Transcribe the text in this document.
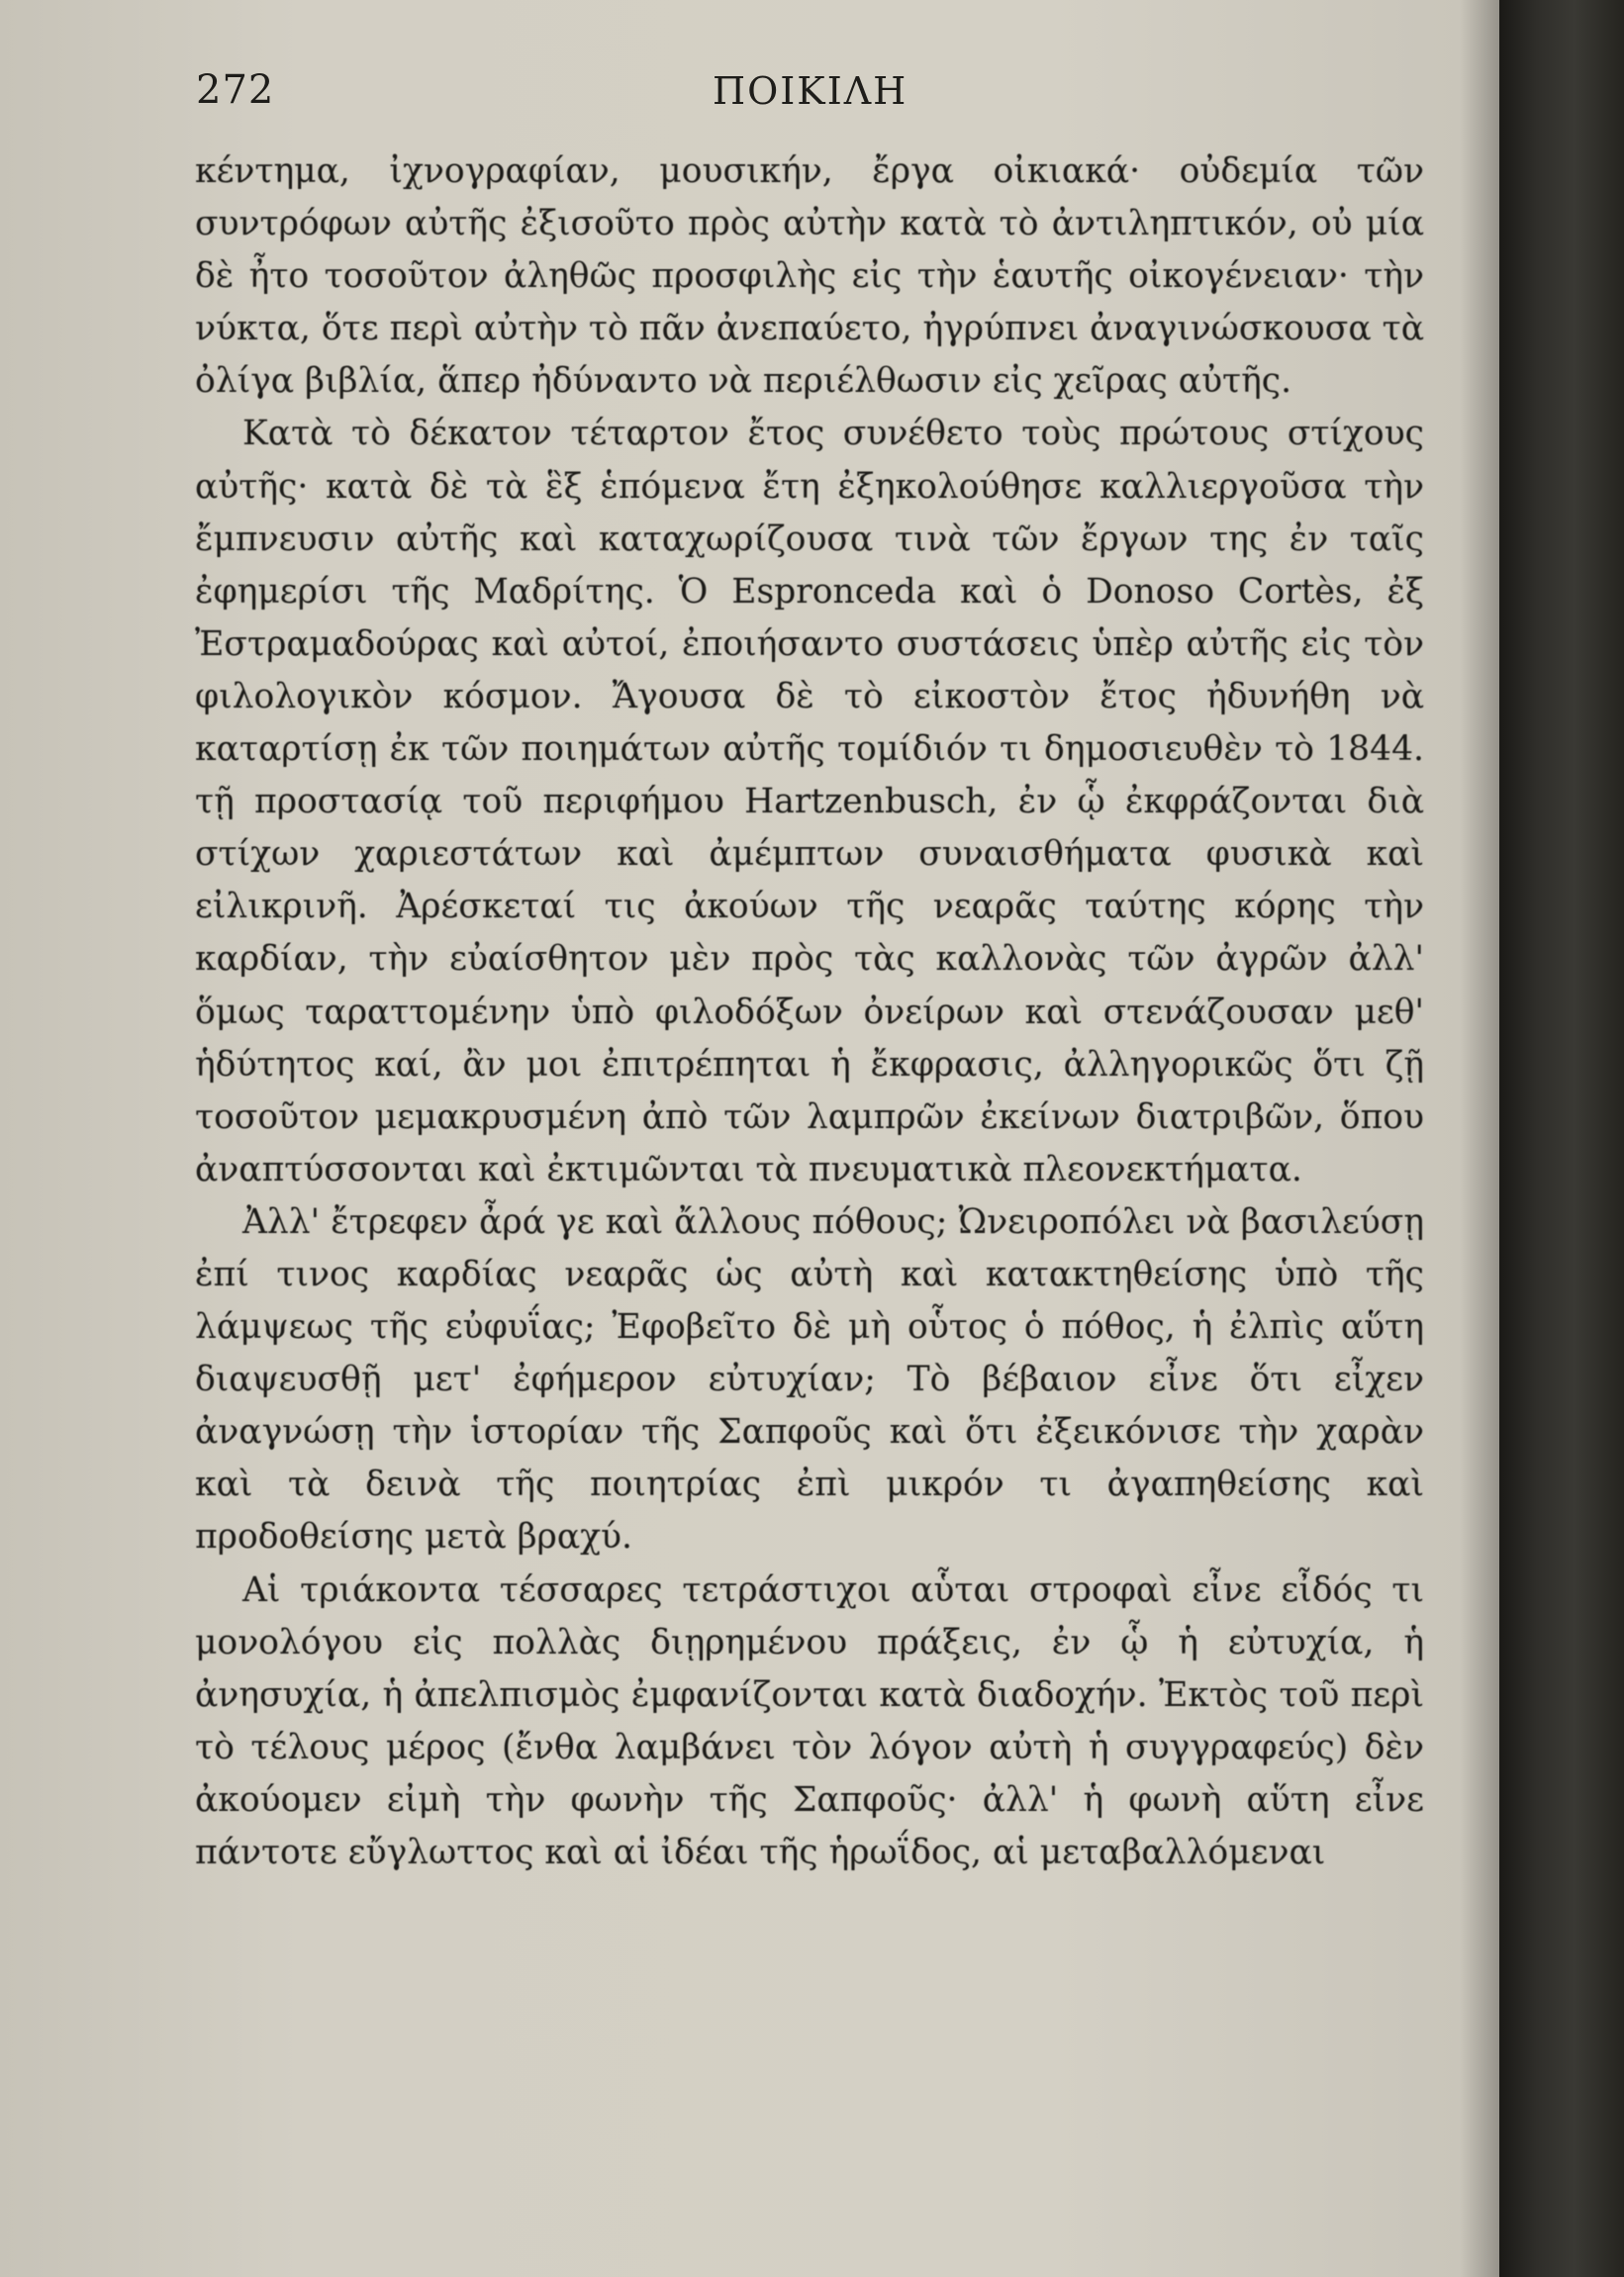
272	ΠΟΙΚΙΛΗ

κέντημα, ἰχνογραφίαν, μουσικήν, ἔργα οἰκιακά· οὐδεμία τῶν συντρόφων αὐτῆς ἐξισοῦτο πρὸς αὐτὴν κατὰ τὸ ἀντιληπτικόν, οὐ μία δὲ ἦτο τοσοῦτον ἀληθῶς προσφιλὴς εἰς τὴν ἑαυτῆς οἰκογένειαν· τὴν νύκτα, ὅτε περὶ αὐτὴν τὸ πᾶν ἀνεπαύετο, ἠγρύπνει ἀναγινώσκουσα τὰ ὀλίγα βιβλία, ἅπερ ἠδύναντο νὰ περιέλθωσιν εἰς χεῖρας αὐτῆς.

Κατὰ τὸ δέκατον τέταρτον ἔτος συνέθετο τοὺς πρώτους στίχους αὐτῆς· κατὰ δὲ τὰ ἓξ ἑπόμενα ἔτη ἐξηκολούθησε καλλιεργοῦσα τὴν ἔμπνευσιν αὐτῆς καὶ καταχωρίζουσα τινὰ τῶν ἔργων της ἐν ταῖς ἐφημερίσι τῆς Μαδρίτης. Ὁ Espronceda καὶ ὁ Donoso Cortès, ἐξ Ἐστραμαδούρας καὶ αὐτοί, ἐποιήσαντο συστάσεις ὑπὲρ αὐτῆς εἰς τὸν φιλολογικὸν κόσμον. Ἄγουσα δὲ τὸ εἰκοστὸν ἔτος ἠδυνήθη νὰ καταρτίσῃ ἐκ τῶν ποιημάτων αὐτῆς τομίδιόν τι δημοσιευθὲν τὸ 1844. τῇ προστασίᾳ τοῦ περιφήμου Hartzenbusch, ἐν ᾧ ἐκφράζονται διὰ στίχων χαριεστάτων καὶ ἀμέμπτων συναισθήματα φυσικὰ καὶ εἰλικρινῆ. Ἀρέσκεταί τις ἀκούων τῆς νεαρᾶς ταύτης κόρης τὴν καρδίαν, τὴν εὐαίσθητον μὲν πρὸς τὰς καλλονὰς τῶν ἀγρῶν ἀλλ' ὅμως ταραττομένην ὑπὸ φιλοδόξων ὀνείρων καὶ στενάζουσαν μεθ' ἡδύτητος καί, ἂν μοι ἐπιτρέπηται ἡ ἔκφρασις, ἀλληγορικῶς ὅτι ζῇ τοσοῦτον μεμακρυσμένη ἀπὸ τῶν λαμπρῶν ἐκείνων διατριβῶν, ὅπου ἀναπτύσσονται καὶ ἐκτιμῶνται τὰ πνευματικὰ πλεονεκτήματα.

Ἀλλ' ἔτρεφεν ἆρά γε καὶ ἄλλους πόθους; Ὠνειροπόλει νὰ βασιλεύσῃ ἐπί τινος καρδίας νεαρᾶς ὡς αὐτὴ καὶ κατακτηθείσης ὑπὸ τῆς λάμψεως τῆς εὐφυΐας; Ἐφοβεῖτο δὲ μὴ οὗτος ὁ πόθος, ἡ ἐλπὶς αὕτη διαψευσθῇ μετ' ἐφήμερον εὐτυχίαν; Τὸ βέβαιον εἶνε ὅτι εἶχεν ἀναγνώσῃ τὴν ἱστορίαν τῆς Σαπφοῦς καὶ ὅτι ἐξεικόνισε τὴν χαρὰν καὶ τὰ δεινὰ τῆς ποιητρίας ἐπὶ μικρόν τι ἀγαπηθείσης καὶ προδοθείσης μετὰ βραχύ.

Αἱ τριάκοντα τέσσαρες τετράστιχοι αὗται στροφαὶ εἶνε εἶδός τι μονολόγου εἰς πολλὰς διῃρημένου πράξεις, ἐν ᾧ ἡ εὐτυχία, ἡ ἀνησυχία, ἡ ἀπελπισμὸς ἐμφανίζονται κατὰ διαδοχήν. Ἐκτὸς τοῦ περὶ τὸ τέλους μέρος (ἔνθα λαμβάνει τὸν λόγον αὐτὴ ἡ συγγραφεύς) δὲν ἀκούομεν εἰμὴ τὴν φωνὴν τῆς Σαπφοῦς· ἀλλ' ἡ φωνὴ αὕτη εἶνε πάντοτε εὔγλωττος καὶ αἱ ἰδέαι τῆς ἡρωΐδος, αἱ μεταβαλλόμεναι
